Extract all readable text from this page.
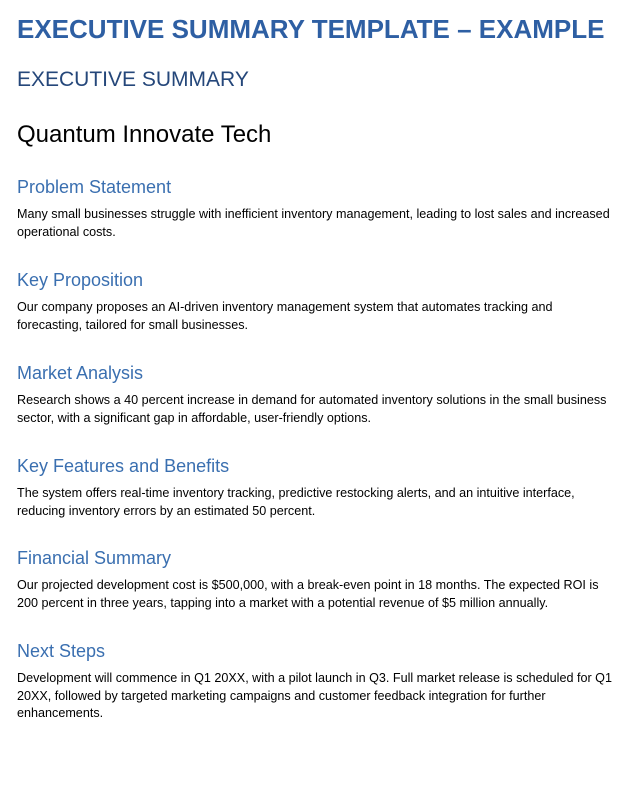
EXECUTIVE SUMMARY TEMPLATE – EXAMPLE
EXECUTIVE SUMMARY
Quantum Innovate Tech
Problem Statement

Many small businesses struggle with inefficient inventory management, leading to lost sales and increased operational costs.

Key Proposition

Our company proposes an AI-driven inventory management system that automates tracking and forecasting, tailored for small businesses.

Market Analysis

Research shows a 40 percent increase in demand for automated inventory solutions in the small business sector, with a significant gap in affordable, user-friendly options.

Key Features and Benefits

The system offers real-time inventory tracking, predictive restocking alerts, and an intuitive interface, reducing inventory errors by an estimated 50 percent.

Financial Summary

Our projected development cost is $500,000, with a break-even point in 18 months. The expected ROI is 200 percent in three years, tapping into a market with a potential revenue of $5 million annually.

Next Steps

Development will commence in Q1 20XX, with a pilot launch in Q3. Full market release is scheduled for Q1 20XX, followed by targeted marketing campaigns and customer feedback integration for further enhancements.
